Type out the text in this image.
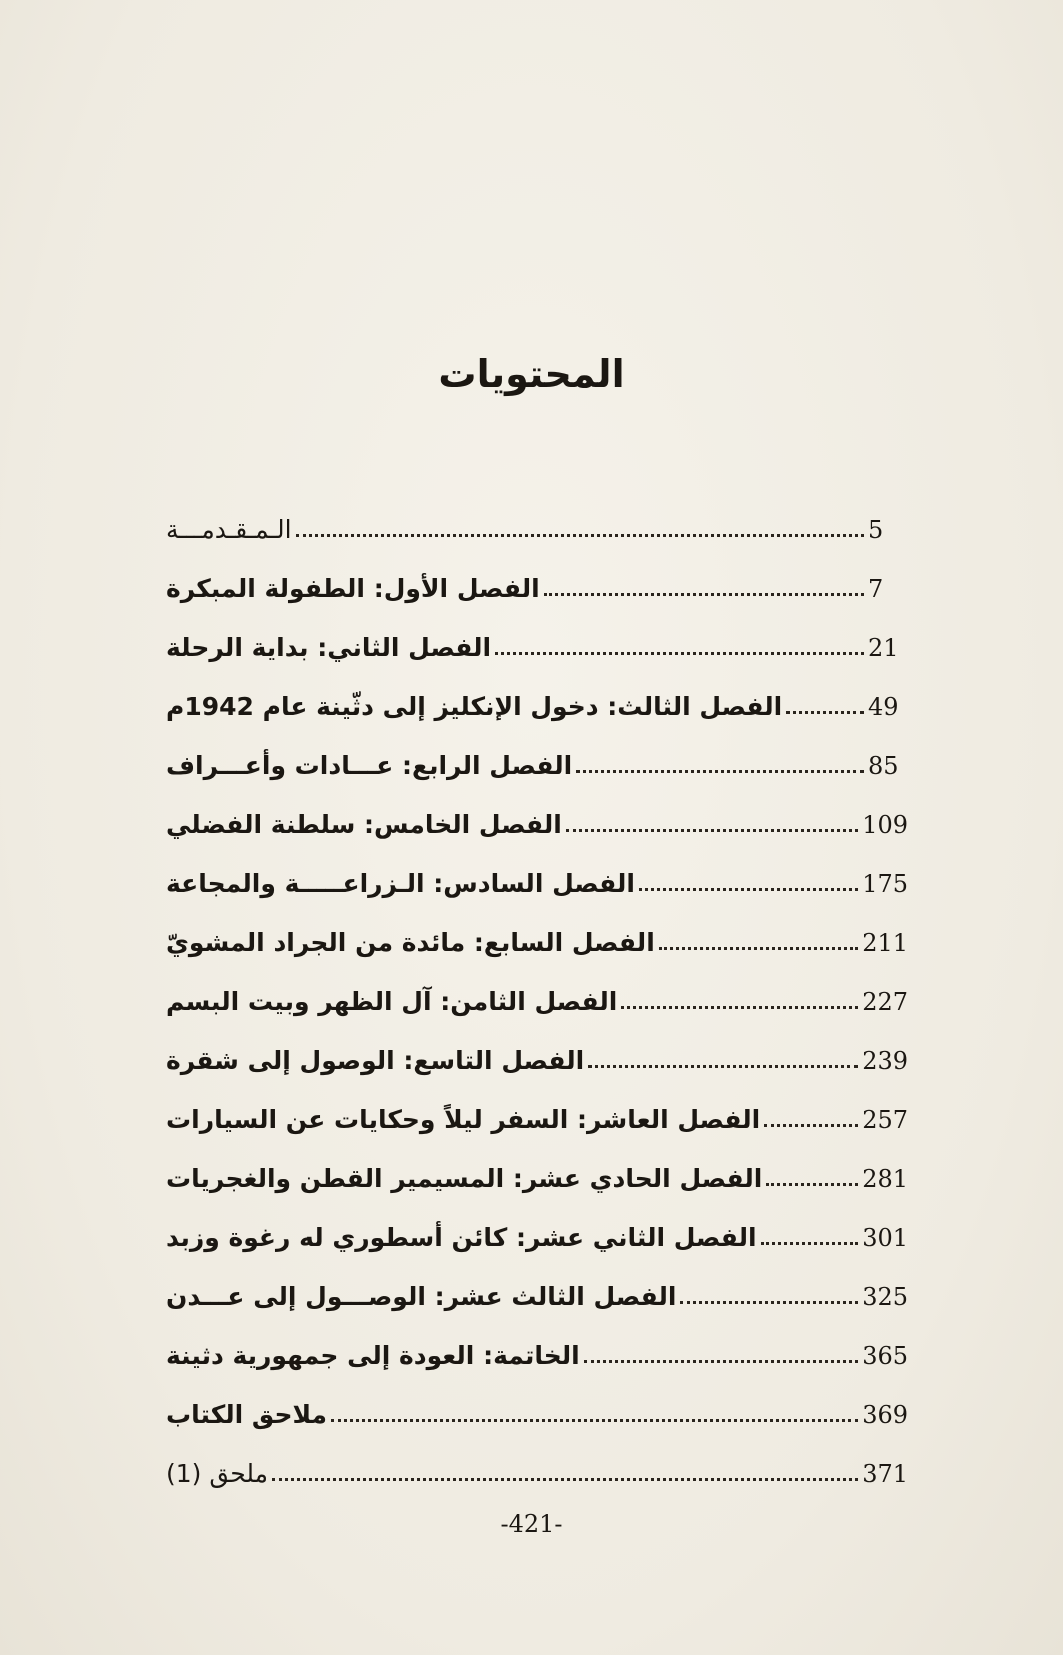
المحتويات
الـمـقـدمـــة	5
الفصل الأول: الطفولة المبكرة	7
الفصل الثاني: بداية الرحلة	21
الفصل الثالث: دخول الإنكليز إلى دثّينة عام 1942م	49
الفصل الرابع: عـــادات وأعـــراف	85
الفصل الخامس: سلطنة الفضلي	109
الفصل السادس: الـزراعـــــة والمجاعة	175
الفصل السابع: مائدة من الجراد المشويّ	211
الفصل الثامن: آل الظهر وبيت البسم	227
الفصل التاسع: الوصول إلى شقرة	239
الفصل العاشر: السفر ليلاً وحكايات عن السيارات	257
الفصل الحادي عشر: المسيمير القطن والغجريات	281
الفصل الثاني عشر: كائن أسطوري له رغوة وزبد	301
الفصل الثالث عشر: الوصـــول إلى عـــدن	325
الخاتمة: العودة إلى جمهورية دثينة	365
ملاحق الكتاب	369
ملحق (1)	371
-421-
